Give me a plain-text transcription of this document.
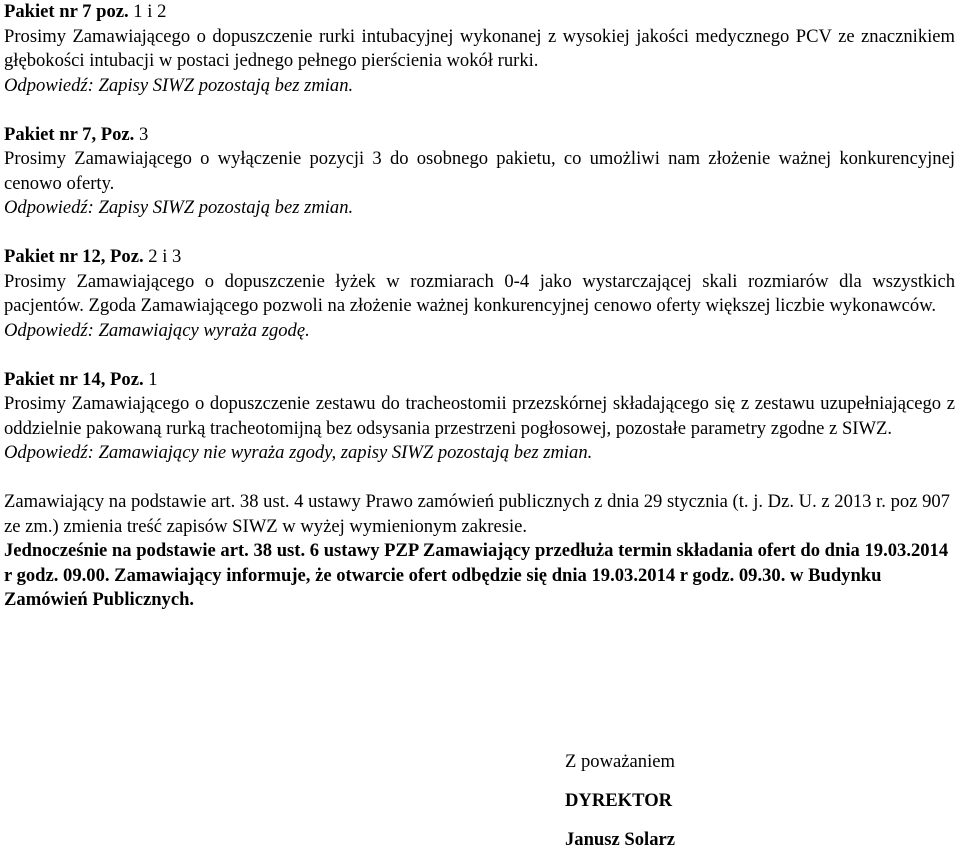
Pakiet nr 7 poz. 1 i 2

Prosimy Zamawiającego o dopuszczenie rurki intubacyjnej wykonanej z wysokiej jakości medycznego PCV ze znacznikiem głębokości intubacji w postaci jednego pełnego pierścienia wokół rurki.

Odpowiedź: Zapisy SIWZ pozostają bez zmian.

Pakiet nr 7, Poz. 3

Prosimy Zamawiającego o wyłączenie pozycji 3 do osobnego pakietu, co umożliwi nam złożenie ważnej konkurencyjnej cenowo oferty.

Odpowiedź: Zapisy SIWZ pozostają bez zmian.

Pakiet nr 12, Poz. 2 i 3

Prosimy Zamawiającego o dopuszczenie łyżek w rozmiarach 0-4 jako wystarczającej skali rozmiarów dla wszystkich pacjentów. Zgoda Zamawiającego pozwoli na złożenie ważnej konkurencyjnej cenowo oferty większej liczbie wykonawców.

Odpowiedź: Zamawiający wyraża zgodę.

Pakiet nr 14, Poz. 1

Prosimy Zamawiającego o dopuszczenie zestawu do tracheostomii przezskórnej składającego się z zestawu uzupełniającego z oddzielnie pakowaną rurką tracheotomijną bez odsysania przestrzeni pogłosowej, pozostałe parametry zgodne z SIWZ.

Odpowiedź: Zamawiający nie wyraża zgody, zapisy SIWZ pozostają bez zmian.

Zamawiający na podstawie art. 38 ust. 4 ustawy Prawo zamówień publicznych z dnia 29 stycznia (t. j. Dz. U. z 2013 r. poz 907 ze zm.) zmienia treść zapisów SIWZ w wyżej wymienionym zakresie.

Jednocześnie na podstawie art. 38 ust. 6 ustawy PZP Zamawiający przedłuża termin składania ofert do dnia 19.03.2014 r godz. 09.00. Zamawiający informuje, że otwarcie ofert odbędzie się dnia 19.03.2014 r godz. 09.30. w Budynku Zamówień Publicznych.

Z poważaniem

DYREKTOR

Janusz Solarz
